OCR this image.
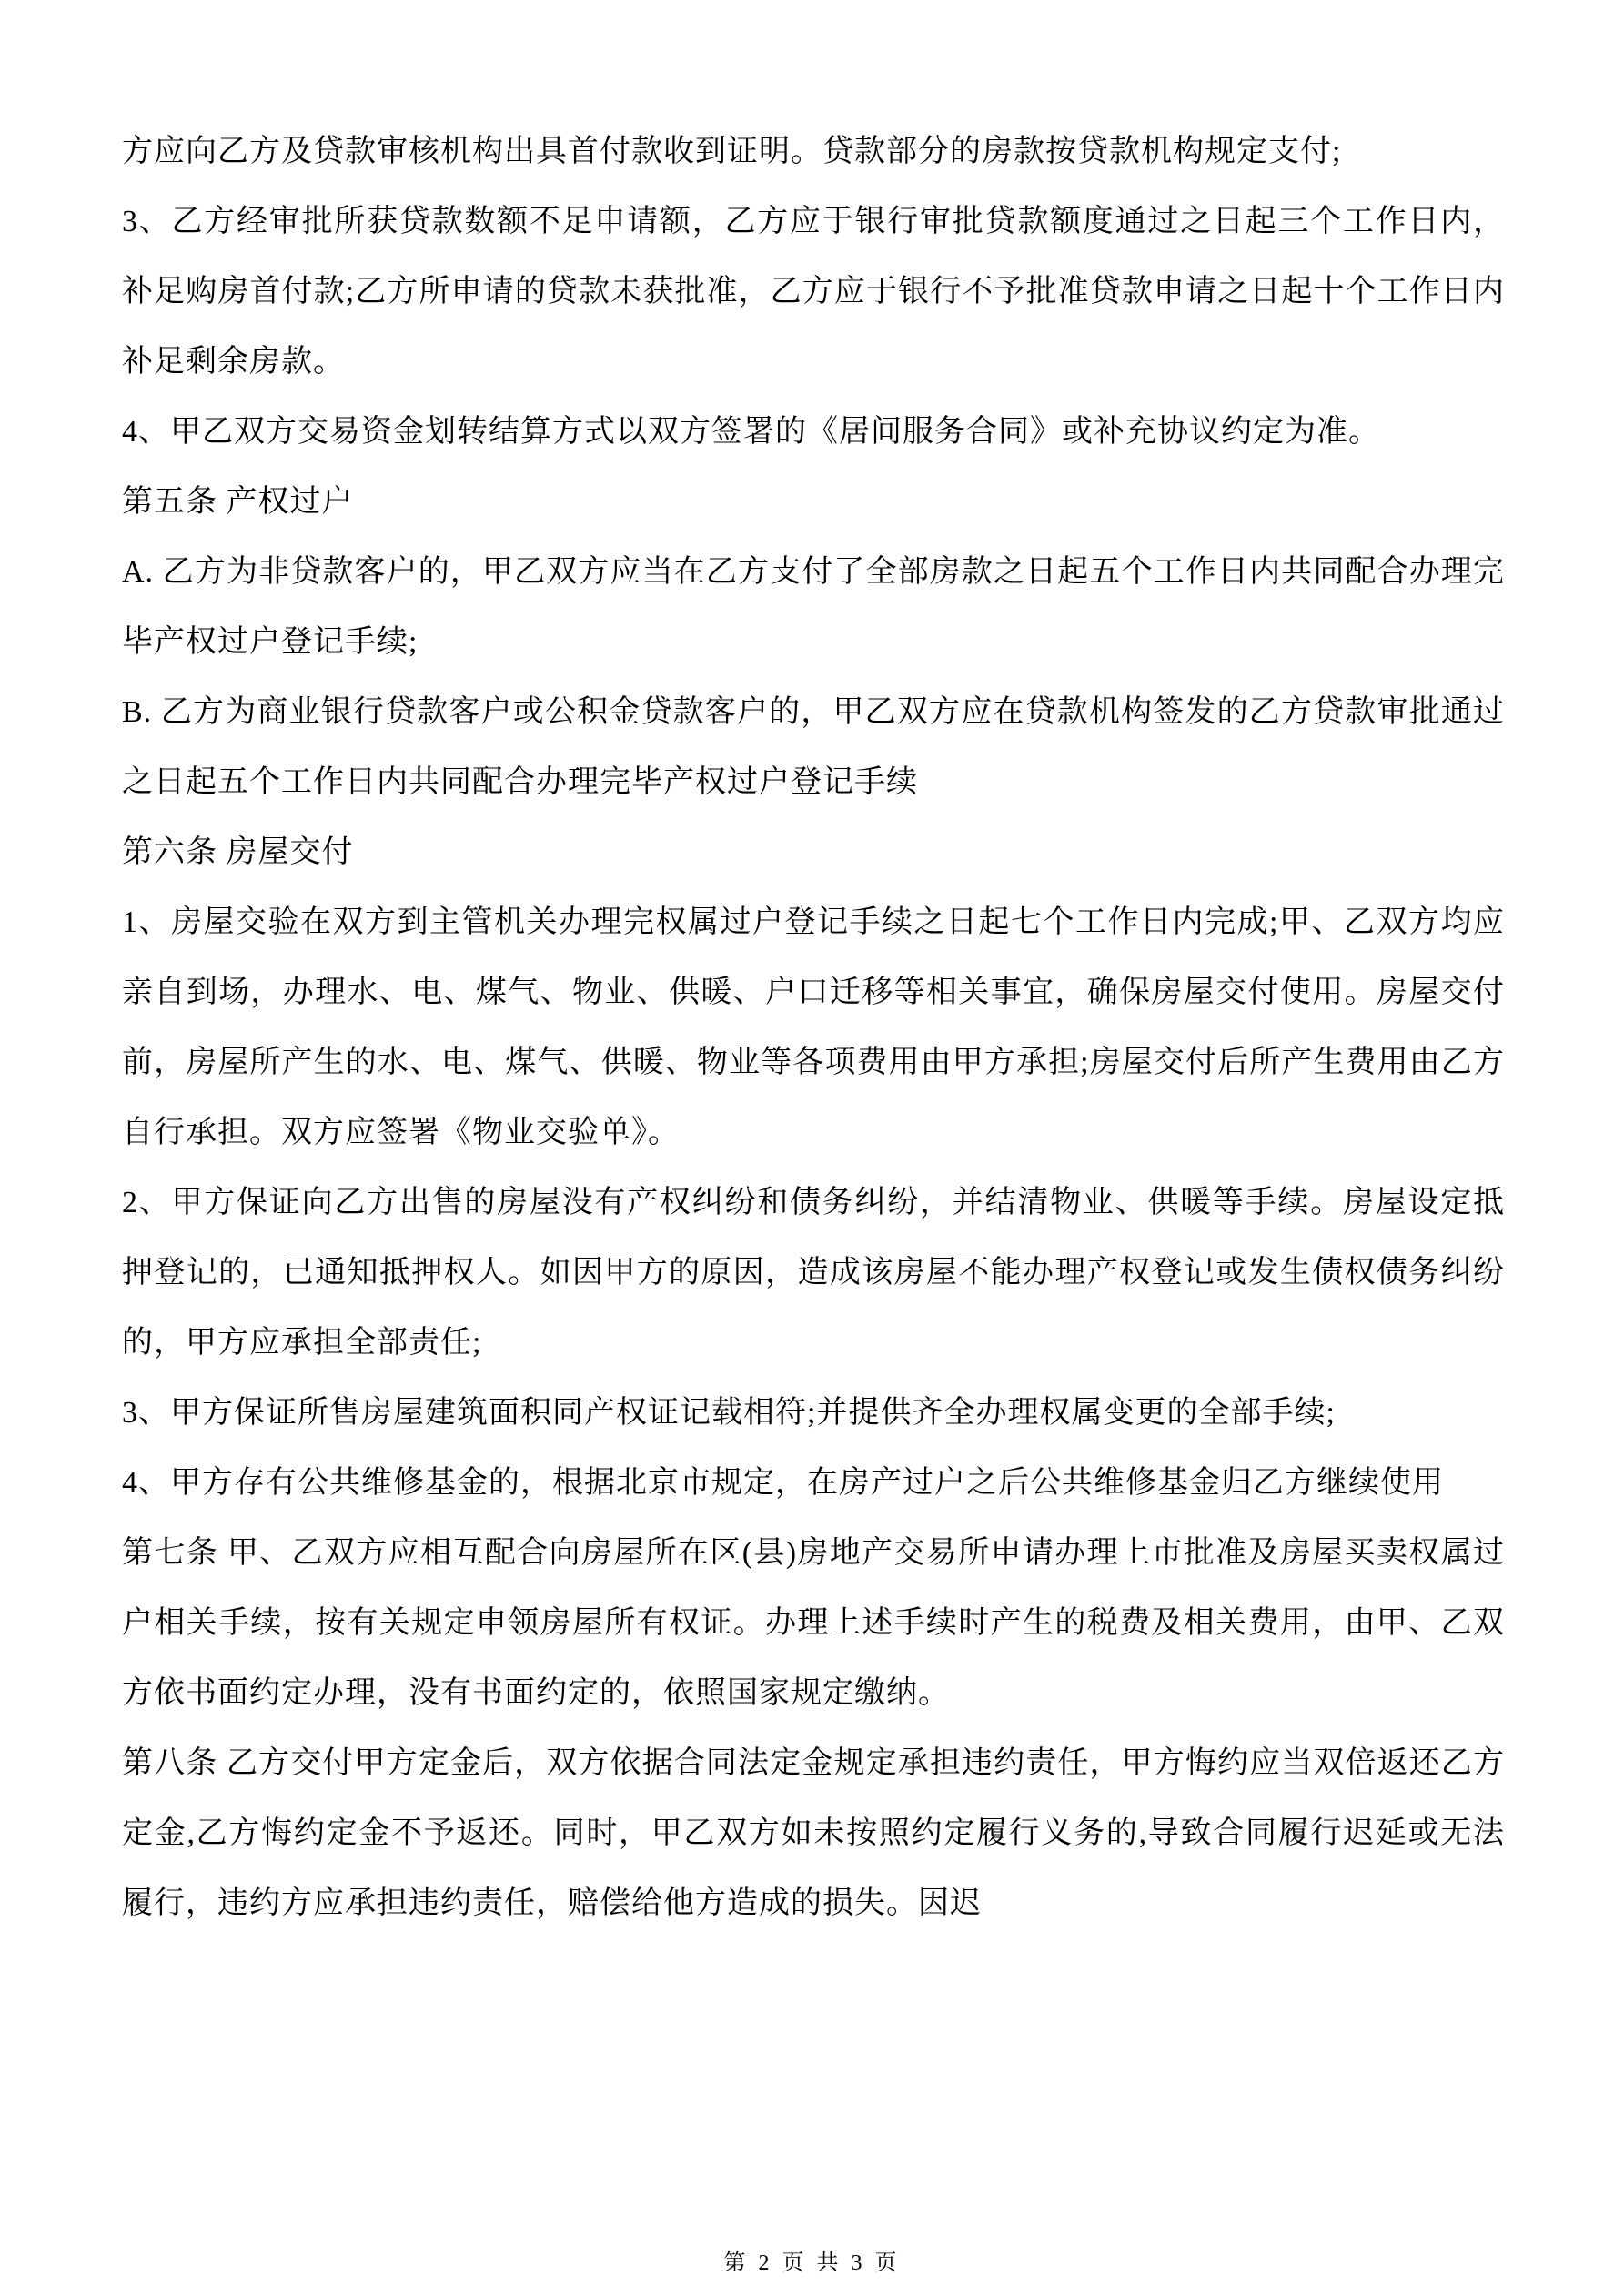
方应向乙方及贷款审核机构出具首付款收到证明。贷款部分的房款按贷款机构规定支付;

3、乙方经审批所获贷款数额不足申请额，乙方应于银行审批贷款额度通过之日起三个工作日内，补足购房首付款;乙方所申请的贷款未获批准，乙方应于银行不予批准贷款申请之日起十个工作日内补足剩余房款。

4、甲乙双方交易资金划转结算方式以双方签署的《居间服务合同》或补充协议约定为准。

第五条 产权过户

A. 乙方为非贷款客户的，甲乙双方应当在乙方支付了全部房款之日起五个工作日内共同配合办理完毕产权过户登记手续;

B. 乙方为商业银行贷款客户或公积金贷款客户的，甲乙双方应在贷款机构签发的乙方贷款审批通过之日起五个工作日内共同配合办理完毕产权过户登记手续

第六条 房屋交付

1、房屋交验在双方到主管机关办理完权属过户登记手续之日起七个工作日内完成;甲、乙双方均应亲自到场，办理水、电、煤气、物业、供暖、户口迁移等相关事宜，确保房屋交付使用。房屋交付前，房屋所产生的水、电、煤气、供暖、物业等各项费用由甲方承担;房屋交付后所产生费用由乙方自行承担。双方应签署《物业交验单》。

2、甲方保证向乙方出售的房屋没有产权纠纷和债务纠纷，并结清物业、供暖等手续。房屋设定抵押登记的，已通知抵押权人。如因甲方的原因，造成该房屋不能办理产权登记或发生债权债务纠纷的，甲方应承担全部责任;

3、甲方保证所售房屋建筑面积同产权证记载相符;并提供齐全办理权属变更的全部手续;

4、甲方存有公共维修基金的，根据北京市规定，在房产过户之后公共维修基金归乙方继续使用

第七条 甲、乙双方应相互配合向房屋所在区(县)房地产交易所申请办理上市批准及房屋买卖权属过户相关手续，按有关规定申领房屋所有权证。办理上述手续时产生的税费及相关费用，由甲、乙双方依书面约定办理，没有书面约定的，依照国家规定缴纳。

第八条 乙方交付甲方定金后，双方依据合同法定金规定承担违约责任，甲方悔约应当双倍返还乙方定金,乙方悔约定金不予返还。同时，甲乙双方如未按照约定履行义务的,导致合同履行迟延或无法履行，违约方应承担违约责任，赔偿给他方造成的损失。因迟

第 2 页 共 3 页
